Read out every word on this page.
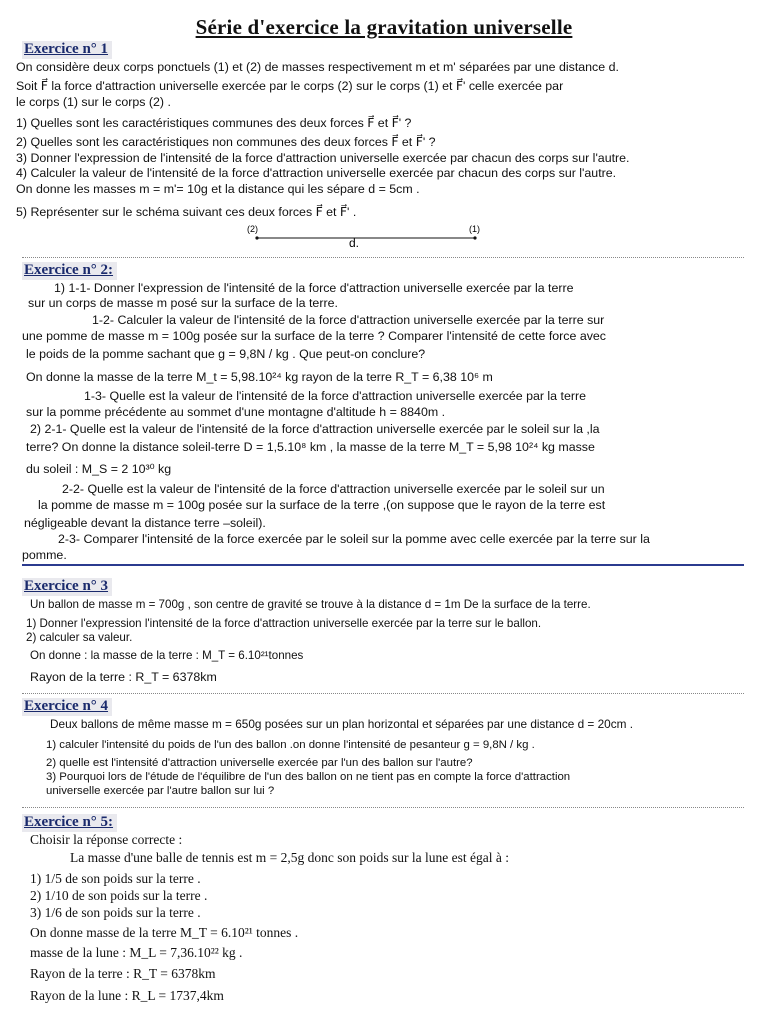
Série d'exercice la gravitation universelle
Exercice n° 1
On considère deux corps ponctuels (1) et (2) de masses respectivement m et m' séparées par une distance d.
Soit F⃗ la force d'attraction universelle exercée par le corps (2) sur le corps (1) et F⃗' celle exercée par
le corps (1) sur le corps (2) .
1) Quelles sont les caractéristiques communes des deux forces F⃗ et F⃗' ?
2) Quelles sont les caractéristiques non communes des deux forces F⃗ et F⃗' ?
3) Donner l'expression de l'intensité de la force d'attraction universelle exercée par chacun des corps sur l'autre.
4) Calculer la valeur de l'intensité de la force d'attraction universelle exercée par chacun des corps sur l'autre.
On donne les masses m = m'= 10g et la distance qui les sépare d = 5cm .
5) Représenter sur le schéma suivant ces deux forces F⃗ et F⃗' .
(2)	(1)
d.
Exercice n° 2:
1) 1-1- Donner l'expression de l'intensité de la force d'attraction universelle exercée par la terre
sur un corps de masse m posé sur la surface de la terre.
1-2- Calculer la valeur de l'intensité de la force d'attraction universelle exercée par la terre sur
une pomme de masse m = 100g posée sur la surface de la terre ? Comparer l'intensité de cette force avec
le poids de la pomme sachant que g = 9,8N / kg . Que peut-on conclure?
On donne la masse de la terre M_t = 5,98.10²⁴ kg rayon de la terre R_T = 6,38 10⁶ m
1-3- Quelle est la valeur de l'intensité de la force d'attraction universelle exercée par la terre
sur la pomme précédente au sommet d'une montagne d'altitude h = 8840m .
2) 2-1- Quelle est la valeur de l'intensité de la force d'attraction universelle exercée par le soleil sur la ,la
terre? On donne la distance soleil-terre D = 1,5.10⁸ km , la masse de la terre M_T = 5,98 10²⁴ kg masse
du soleil : M_S = 2 10³⁰ kg
2-2- Quelle est la valeur de l'intensité de la force d'attraction universelle exercée par le soleil sur un
la pomme de masse m = 100g posée sur la surface de la terre ,(on suppose que le rayon de la terre est
négligeable devant la distance terre –soleil).
2-3- Comparer l'intensité de la force exercée par le soleil sur la pomme avec celle exercée par la terre sur la
pomme.
Exercice n° 3
Un ballon de masse m = 700g , son centre de gravité se trouve à la distance d = 1m De la surface de la terre.
1) Donner l'expression l'intensité de la force d'attraction universelle exercée par la terre sur le ballon.
2) calculer sa valeur.
On donne : la masse de la terre : M_T = 6.10²¹tonnes
Rayon de la terre : R_T = 6378km
Exercice n° 4
Deux ballons de même masse m = 650g posées sur un plan horizontal et séparées par une distance d = 20cm .
1) calculer l'intensité du poids de l'un des ballon .on donne l'intensité de pesanteur g = 9,8N / kg .
2) quelle est l'intensité d'attraction universelle exercée par l'un des ballon sur l'autre?
3) Pourquoi lors de l'étude de l'équilibre de l'un des ballon on ne tient pas en compte la force d'attraction
universelle exercée par l'autre ballon sur lui ?
Exercice n° 5:
Choisir la réponse correcte :
La masse d'une balle de tennis est m = 2,5g donc son poids sur la lune est égal à :
1) 1/5 de son poids sur la terre .
2) 1/10 de son poids sur la terre .
3) 1/6 de son poids sur la terre .
On donne masse de la terre M_T = 6.10²¹ tonnes .
masse de la lune : M_L = 7,36.10²² kg .
Rayon de la terre : R_T = 6378km
Rayon de la lune : R_L = 1737,4km
